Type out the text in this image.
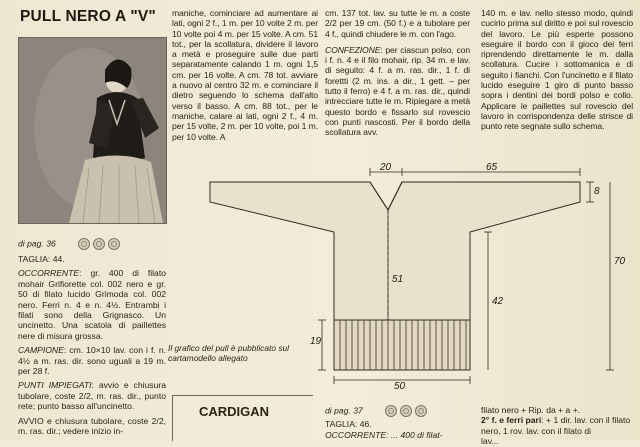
PULL NERO A "V"

di pag. 36

TAGLIA: 44.

OCCORRENTE: gr. 400 di filato mohair Grifiorette col. 002 nero e gr. 50 di filato lucido Grimoda col. 002 nero. Ferri n. 4 e n. 4½. Entrambi i filati sono della Grignasco. Un uncinetto. Una scatola di paillettes nere di misura grossa.

CAMPIONE: cm. 10×10 lav. con i f. n. 4½ a m. ras. dir. sono uguali a 19 m. per 28 f.

PUNTI IMPIEGATI: avvio e chiusura tubolare, coste 2/2, m. ras. dir., punto rete; punto basso all'uncinetto.

AVVIO e chiusura tubolare, coste 2/2, m. ras. dir.; vedere inizio in-

maniche, cominciare ad aumentare ai lati, ogni 2 f., 1 m. per 10 volte 2 m. per 10 volte poi 4 m. per 15 volte. A cm. 51 tot., per la scollatura, dividere il lavoro a metà e proseguire sulle due parti separatamente calando 1 m. ogni 1,5 cm. per 16 volte. A cm. 78 tot. avviare a nuovo al centro 32 m. e cominciare il dietro seguendo lo schema dall'alto verso il basso. A cm. 88 tot., per le maniche, calare ai lati, ogni 2 f., 4 m. per 15 volte, 2 m. per 10 volte, poi 1 m. per 10 volte. A

cm. 137 tot. lav. su tutte le m. a coste 2/2 per 19 cm. (50 f.) e a tubolare per 4 f., quindi chiudere le m. con l'ago.

CONFEZIONE: per ciascun polso, con i f. n. 4 e il filo mohair, rip. 34 m. e lav. di seguito: 4 f. a m. ras. dir., 1 f. di forettti (2 m. ins. a dir., 1 gett. – per tutto il ferro) e 4 f. a m. ras. dir., quindi intrecciare tutte le m. Ripiegare a metà questo bordo e fissarlo sul rovescio con punti nascosti. Per il bordo della scollatura avv.

140 m. e lav. nello stesso modo, quindi cucirlo prima sul diritto e poi sul rovescio del lavoro. Le più esperte possono eseguire il bordo con il gioco dei ferri riprendendo direttamente le m. dalla scollatura. Cucire i sottomanica e di seguito i fianchi. Con l'uncinetto e il filato lucido eseguire 1 giro di punto basso sopra i dentini dei bordi polso e collo. Applicare le paillettes sul rovescio del lavoro in corrispondenza delle strisce di punto rete segnate sullo schema.

20	65
8
70
42
51
19
50
Il grafico del pull è pubblicato sul cartamodello allegato
CARDIGAN	di pag. 37

TAGLIA: 46.

OCCORRENTE: ... 400 di filat-

filato nero + Rip. da + a +.

2° f. e ferri pari: + 1 dir. lav. con il filato nero, 1 rov. lav. con il filato di

lav...
